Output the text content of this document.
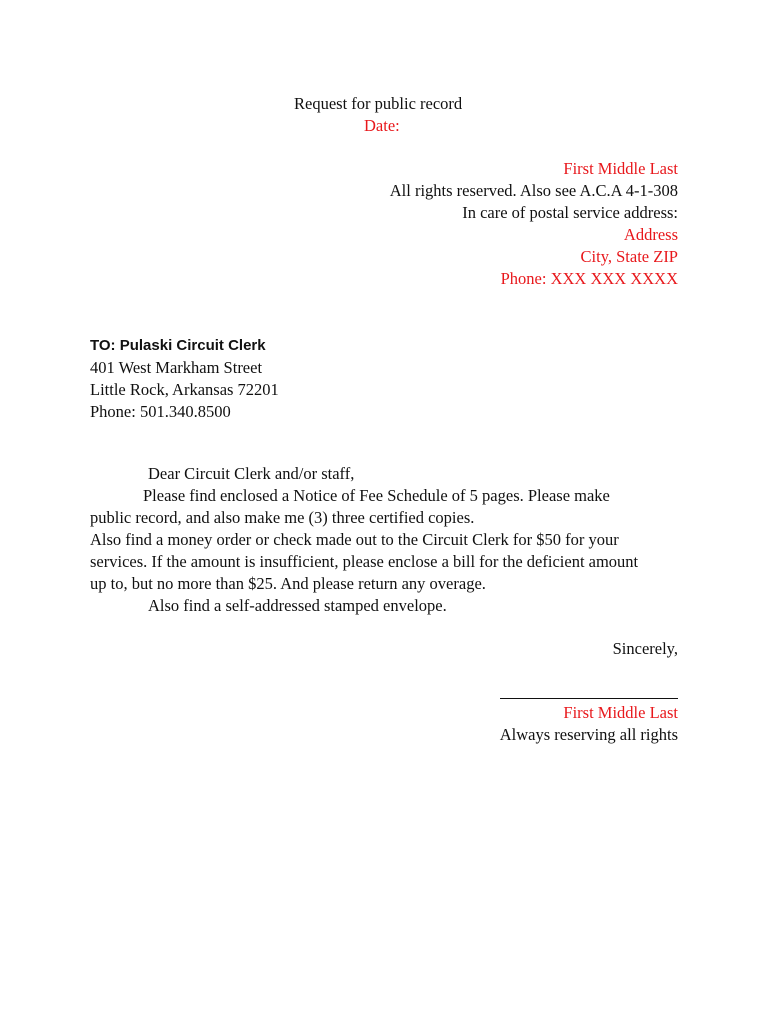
Request for public record
Date:
First Middle Last
All rights reserved. Also see A.C.A 4-1-308
In care of postal service address:
Address
City, State ZIP
Phone: XXX XXX XXXX
TO: Pulaski Circuit Clerk
401 West Markham Street
Little Rock, Arkansas 72201
Phone: 501.340.8500
Dear Circuit Clerk and/or staff,
Please find enclosed a Notice of Fee Schedule of 5 pages. Please make
public record, and also make me (3) three certified copies.
Also find a money order or check made out to the Circuit Clerk for $50 for your
services. If the amount is insufficient, please enclose a bill for the deficient amount
up to, but no more than $25. And please return any overage.
Also find a self-addressed stamped envelope.
Sincerely,
First Middle Last
Always reserving all rights
